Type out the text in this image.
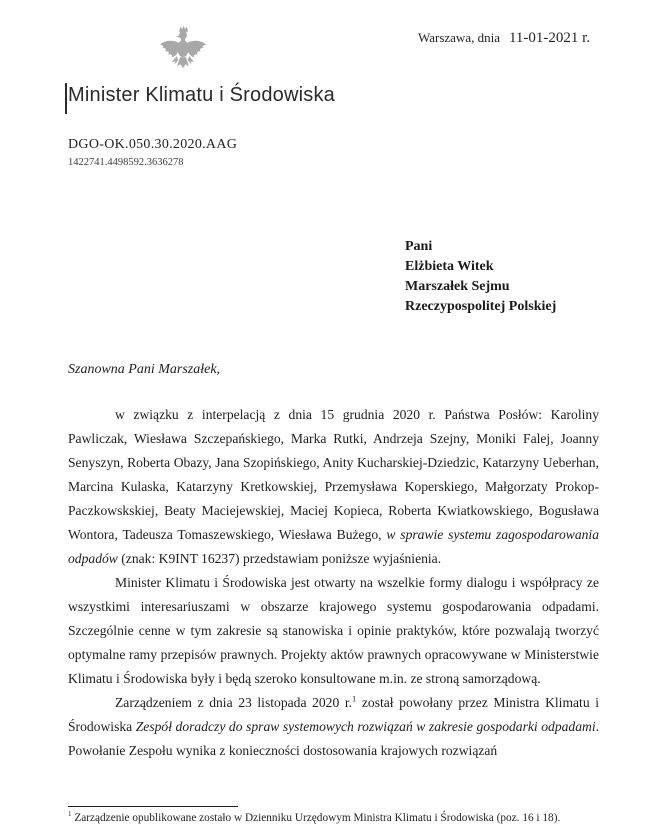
Warszawa, dnia 11-01-2021 r.
Minister Klimatu i Środowiska
DGO-OK.050.30.2020.AAG
1422741.4498592.3636278
Pani
Elżbieta Witek
Marszałek Sejmu
Rzeczypospolitej Polskiej
Szanowna Pani Marszałek,

w związku z interpelacją z dnia 15 grudnia 2020 r. Państwa Posłów: Karoliny Pawliczak, Wiesława Szczepańskiego, Marka Rutki, Andrzeja Szejny, Moniki Falej, Joanny Senyszyn, Roberta Obazy, Jana Szopińskiego, Anity Kucharskiej-Dziedzic, Katarzyny Ueberhan, Marcina Kulaska, Katarzyny Kretkowskiej, Przemysława Koperskiego, Małgorzaty Prokop-Paczkowskskiej, Beaty Maciejewskiej, Maciej Kopieca, Roberta Kwiatkowskiego, Bogusława Wontora, Tadeusza Tomaszewskiego, Wiesława Bużego, w sprawie systemu zagospodarowania odpadów (znak: K9INT 16237) przedstawiam poniższe wyjaśnienia.

Minister Klimatu i Środowiska jest otwarty na wszelkie formy dialogu i współpracy ze wszystkimi interesariuszami w obszarze krajowego systemu gospodarowania odpadami. Szczególnie cenne w tym zakresie są stanowiska i opinie praktyków, które pozwalają tworzyć optymalne ramy przepisów prawnych. Projekty aktów prawnych opracowywane w Ministerstwie Klimatu i Środowiska były i będą szeroko konsultowane m.in. ze stroną samorządową.

Zarządzeniem z dnia 23 listopada 2020 r.$^1$ został powołany przez Ministra Klimatu i Środowiska Zespół doradczy do spraw systemowych rozwiązań w zakresie gospodarki odpadami. Powołanie Zespołu wynika z konieczności dostosowania krajowych rozwiązań

$^1$ Zarządzenie opublikowane zostało w Dzienniku Urzędowym Ministra Klimatu i Środowiska (poz. 16 i 18).
